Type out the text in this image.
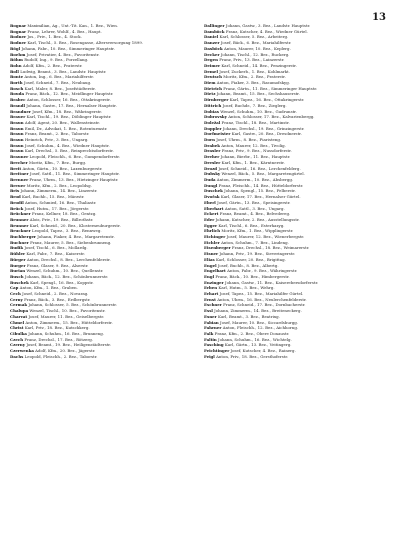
13
Bognar Maximilian, Ag., Unt.-Tit. Kan., 1. Bez., Wien.
Bognar Franz, Lehrer, Wohlf., 4. Bez., Haupt.
Bodner Jos., Priv., 1. Bez., 4. Stock.
Bodner Karl, Tischl., 5. Bez., Rosengasse, Altersversorgung 1899.
Bögl Johann, Fabr., 10. Bez., Simmeringer Hauptstr.
Boehm Josef, Privatier, 4. Bez., Favoritenstr.
Böhm Rudolf, Ing., 9. Bez., Porzellang.
Bohn Adolf, Kfm., 2. Bez., Praterstr.
Boll Ludwig, Beamt., 3. Bez., Landstr. Hauptstr.
Bonte Anton, Ing., 6. Bez., Mariahilferstr.
Borth Josef, Schneid., 7. Bez., Neubaug.
Bosch Karl, Maler, 8. Bez., Josefstädterstr.
Bouda Franz, Bäck., 12. Bez., Meidlinger Hauptstr.
Brabec Anton, Schlosser, 16. Bez., Ottakringerstr.
Brandl Johann, Gastw., 17. Bez., Hernalser Hauptstr.
Brandner Josef, Kfm., 18. Bez., Währingerstr.
Brauer Karl, Tischl., 19. Bez., Döblinger Hauptstr.
Braun Adolf, Agent, 20. Bez., Wallensteinstr.
Braun Emil, Dr., Advokat, 1. Bez., Rotenturmstr.
Braun Franz, Beamt., 2. Bez., Taborstr.
Braun Heinrich, Priv., 3. Bez., Ungarg.
Braun Josef, Schuhm., 4. Bez., Wiedner Hauptstr.
Braun Karl, Drechsl., 5. Bez., Reinprechtsdorferstr.
Brauner Leopold, Fleischh., 6. Bez., Gumpendorferstr.
Brecher Moritz, Kfm., 7. Bez., Burgg.
Breit Anton, Gärtn., 10. Bez., Laxenburgerstr.
Breitner Josef, Sattl., 11. Bez., Simmeringer Hauptstr.
Brenner Franz, Uhrm., 13. Bez., Hietzinger Hauptstr.
Breuer Moritz, Kfm., 2. Bez., Leopoldsg.
Brix Johann, Zimmerm., 14. Bez., Linzerstr.
Brod Karl, Buchb., 15. Bez., Märzstr.
Brodil Anton, Schmied, 16. Bez., Thaliastr.
Brück Josef, Hutm., 17. Bez., Jörgerstr.
Brückner Franz, Kellner, 18. Bez., Gentzg.
Brunner Alois, Priv., 19. Bez., Billrothstr.
Brunner Karl, Schneid., 20. Bez., Klosterneuburgerstr.
Bruckner Leopold, Tapez., 3. Bez., Rennweg.
Buchberger Johann, Fiaker, 4. Bez., Margaretenstr.
Buchner Franz, Maurer, 5. Bez., Siebenbrunneng.
Budik Josef, Tischl., 6. Bez., Mollardg.
Bühler Karl, Fabr., 7. Bez., Kaiserstr.
Bürger Anton, Drechsl., 8. Bez., Lerchenfelderstr.
Burger Franz, Glaser, 9. Bez., Alserstr.
Burian Wenzel, Schuhm., 10. Bez., Quellenstr.
Busch Johann, Bäck., 12. Bez., Schönbrunnerstr.
Buschek Karl, Spengl., 16. Bez., Koppstr.
Cap Anton, Kfm., 1. Bez., Graben.
Cech Josef, Schneid., 2. Bez., Novarag.
Cerny Franz, Bäck., 3. Bez., Erdbergstr.
Cermak Johann, Schlosser, 5. Bez., Schönbrunnerstr.
Chalupa Wenzel, Tischl., 10. Bez., Favoritenstr.
Charvat Josef, Maurer, 11. Bez., Geiselbergstr.
Chmel Anton, Zimmerm., 15. Bez., Hütteldorferstr.
Christ Karl, Priv., 18. Bez., Kutschkerg.
Cibulka Johann, Schuhm., 16. Bez., Brunneng.
Czech Franz, Drechsl., 17. Bez., Rötzerg.
Czerny Josef, Beamt., 19. Bez., Heiligenstädterstr.
Czerwenka Adolf, Kfm., 20. Bez., Jägerstr.
Dachs Leopold, Fleischh., 2. Bez., Taborstr.
Dallinger Johann, Gastw., 3. Bez., Landstr. Hauptstr.
Damböck Franz, Kutscher, 4. Bez., Wiedner Gürtel.
Daniel Karl, Schlosser, 5. Bez., Arbeiterg.
Danzer Josef, Bäck., 6. Bez., Mariahilferstr.
Daxböck Anton, Maurer, 10. Bez., Keplerg.
Decker Johann, Tischl., 12. Bez., Ruckerg.
Degen Franz, Priv., 13. Bez., Lainzerstr.
Deimer Karl, Schneid., 14. Bez., Penzingerstr.
Demel Josef, Zuckerb., 1. Bez., Kohlmarkt.
Deutsch Moritz, Kfm., 2. Bez., Praterstr.
Diem Anton, Fiaker, 3. Bez., Rasumofskyg.
Dietrich Franz, Gärtn., 11. Bez., Simmeringer Hauptstr.
Dietz Johann, Beamt., 15. Bez., Sechshauserstr.
Dirnberger Karl, Tapez., 16. Bez., Ottakringerstr.
Dittrich Josef, Buchdr., 7. Bez., Zieglerg.
Dobias Wenzel, Schuhm., 10. Bez., Gudrunstr.
Dobrovsky Anton, Schlosser, 17. Bez., Kalvarienbergg.
Doležal Franz, Tischl., 18. Bez., Martinstr.
Doppler Johann, Drechsl., 19. Bez., Grinzingerstr.
Dorfmeister Karl, Gastw., 20. Bez., Dresdnerstr.
Dorn Josef, Uhrm., 8. Bez., Piaristeng.
Drabek Anton, Maurer, 12. Bez., Tivolig.
Draxler Franz, Priv., 9. Bez., Nussdorferstr.
Dreher Johann, Bierbr., 11. Bez., Hauptstr.
Drexler Karl, Kfm., 1. Bez., Kärntnerstr.
Drozd Josef, Schneid., 16. Bez., Lerchenfelderg.
Dubsky Wenzel, Bäck., 5. Bez., Margaretengürtel.
Duda Anton, Zimmerm., 10. Bez., Absbergg.
Dungl Franz, Fleischh., 14. Bez., Hütteldorferstr.
Duschek Johann, Spengl., 15. Bez., Felberstr.
Dvořak Karl, Glaser, 17. Bez., Hernalser Gürtel.
Eberl Josef, Gärtn., 13. Bez., Speisingerstr.
Eberhart Anton, Sattl., 3. Bez., Ungarg.
Eckert Franz, Beamt., 4. Bez., Belvedereg.
Eder Johann, Kutscher, 2. Bez., Ausstellungsstr.
Egger Karl, Tischl., 6. Bez., Esterhazyg.
Ehrlich Moritz, Kfm., 1. Bez., Wipplingerstr.
Eichinger Josef, Maurer, 12. Bez., Wienerbergstr.
Eichler Anton, Schuhm., 7. Bez., Lindeng.
Eisenberger Franz, Drechsl., 18. Bez., Weimarerstr.
Eisner Johann, Priv., 19. Bez., Sieveringerstr.
Elias Karl, Schlosser, 20. Bez., Brigittag.
Engel Josef, Buchb., 8. Bez., Albertg.
Engelhart Anton, Fabr., 9. Bez., Währingerstr.
Engl Franz, Bäck., 10. Bez., Himbergerstr.
Enzinger Johann, Gastw., 11. Bez., Kaiserebersdorferstr.
Erben Karl, Hutm., 5. Bez., Wehrg.
Erhart Josef, Tapez., 15. Bez., Mariahilfer Gürtel.
Ernst Anton, Uhrm., 16. Bez., Neulerchenfelderstr.
Eschner Franz, Schneid., 17. Bez., Dornbacherstr.
Essl Johann, Zimmerm., 14. Bez., Breiteneckerg.
Exner Karl, Beamt., 3. Bez., Beatrixg.
Fabian Josef, Maurer, 10. Bez., Siccardsburgg.
Fahrner Anton, Fleischh., 12. Bez., Aichhorng.
Falk Franz, Kfm., 2. Bez., Obere Donaustr.
Faltin Johann, Schuhm., 16. Bez., Wichtelg.
Fasching Karl, Gärtn., 13. Bez., Veitingerg.
Feichtinger Josef, Kutscher, 4. Bez., Rainerg.
Feigl Anton, Priv., 18. Bez., Gersthoferstr.
